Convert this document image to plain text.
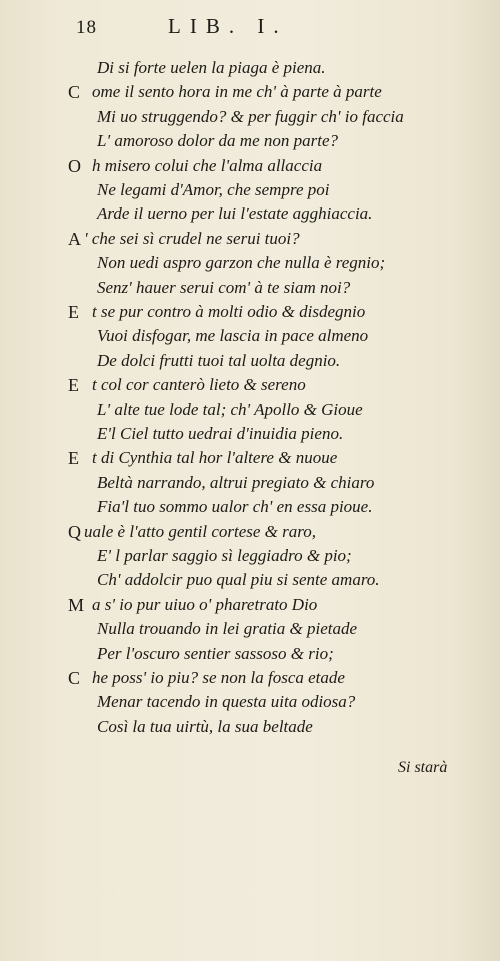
18	LIB. I.
Di si forte uelen la piaga è piena.
C ome il sento hora in me ch' à parte à parte
Mi uo struggendo? & per fuggir ch' io faccia
L' amoroso dolor da me non parte?
O h misero colui che l'alma allaccia
Ne legami d'Amor, che sempre poi
Arde il uerno per lui l'estate agghiaccia.
A ' che sei sì crudel ne serui tuoi?
Non uedi aspro garzon che nulla è regnio;
Senz' hauer serui com' à te siam noi?
E t se pur contro à molti odio & disdegnio
Vuoi disfogar, me lascia in pace almeno
De dolci frutti tuoi tal uolta degnio.
E t col cor canterò lieto & sereno
L' alte tue lode tal; ch' Apollo & Gioue
E'l Ciel tutto uedrai d'inuidia pieno.
E t di Cynthia tal hor l'altere & nuoue
Beltà narrando, altrui pregiato & chiaro
Fia'l tuo sommo ualor ch' en essa pioue.
Q uale è l'atto gentil cortese & raro,
E' l parlar saggio sì leggiadro & pio;
Ch' addolcir puo qual piu si sente amaro.
M a s' io pur uiuo o' pharetrato Dio
Nulla trouando in lei gratia & pietade
Per l'oscuro sentier sassoso & rio;
C he poss' io piu? se non la fosca etade
Menar tacendo in questa uita odiosa?
Così la tua uirtù, la sua beltade
Si starà
